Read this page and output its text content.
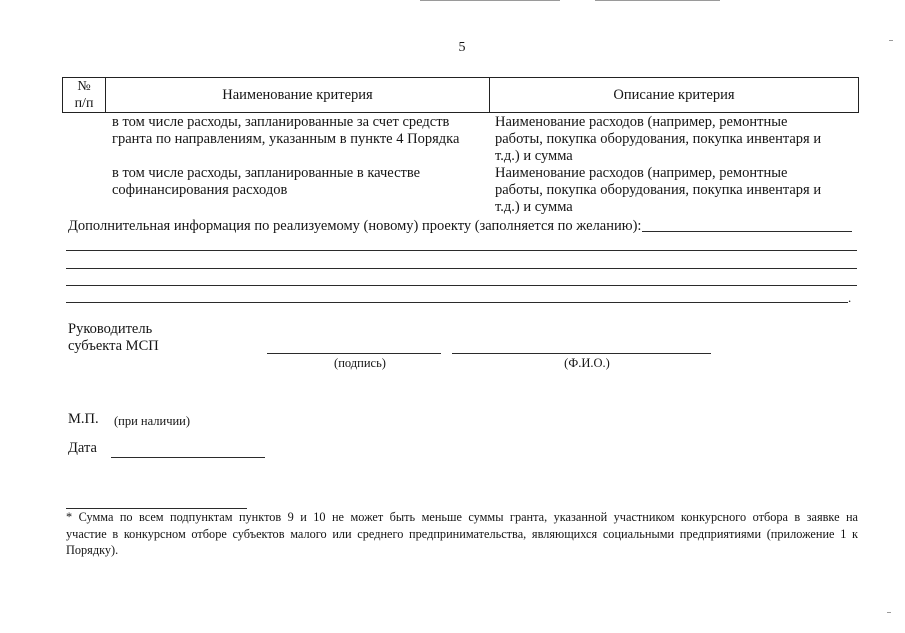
5
№
п/п
Наименование критерия	Описание критерия
в том числе расходы, запланированные за счет средств
гранта по направлениям, указанным в пункте 4 Порядка
Наименование расходов (например, ремонтные
работы, покупка оборудования, покупка инвентаря и
т.д.) и сумма
в том числе расходы, запланированные в качестве
софинансирования расходов
Наименование расходов (например, ремонтные
работы, покупка оборудования, покупка инвентаря и
т.д.) и сумма
Дополнительная информация по реализуемому (новому) проекту (заполняется по желанию):
.
Руководитель
субъекта МСП
(подпись)	(Ф.И.О.)
М.П. (при наличии)
Дата
* Сумма по всем подпунктам пунктов 9 и 10 не может быть меньше суммы гранта, указанной участником конкурсного отбора в заявке на
участие в конкурсном отборе субъектов малого или среднего предпринимательства, являющихся социальными предприятиями (приложение 1 к
Порядку).
